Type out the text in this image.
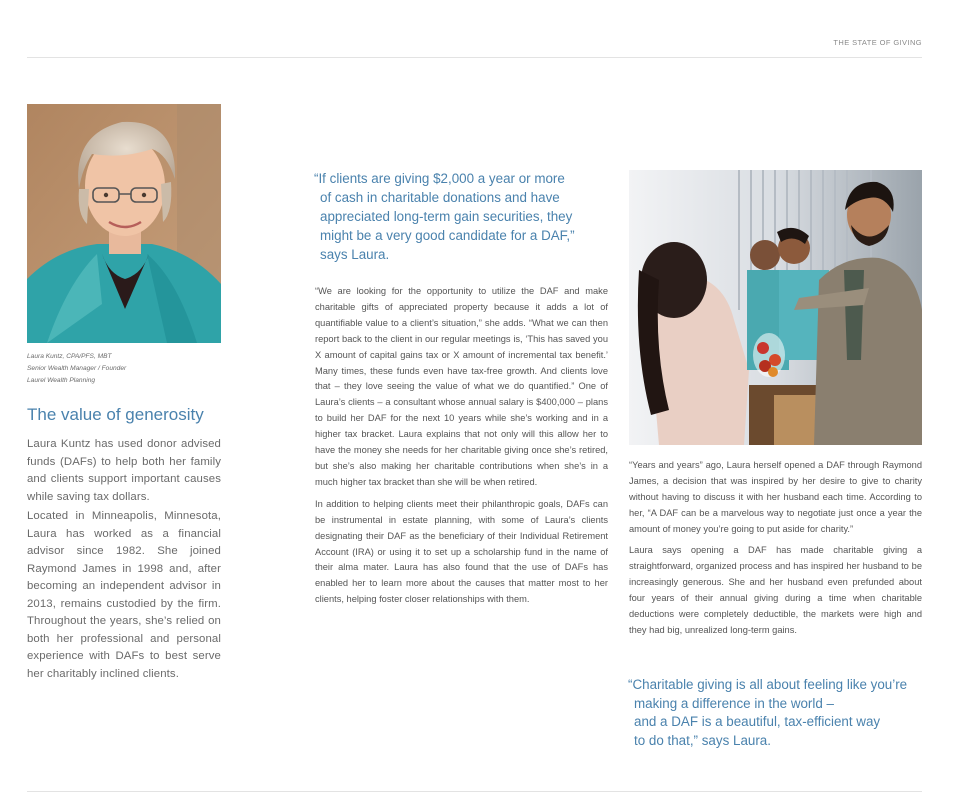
THE STATE OF GIVING
Laura Kuntz, CPA/PFS, MBT
Senior Wealth Manager / Founder
Laurel Wealth Planning
The value of generosity

Laura Kuntz has used donor advised funds (DAFs) to help both her family and clients support important causes while saving tax dollars.

Located in Minneapolis, Minnesota, Laura has worked as a financial advisor since 1982. She joined Raymond James in 1998 and, after becoming an independent advisor in 2013, remains custodied by the firm. Throughout the years, she’s relied on both her professional and personal experience with DAFs to best serve her charitably inclined clients.

“If clients are giving $2,000 a year or more
of cash in charitable donations and have
appreciated long-term gain securities, they
might be a very good candidate for a DAF,”
says Laura.

“We are looking for the opportunity to utilize the DAF and make charitable gifts of appreciated property because it adds a lot of quantifiable value to a client’s situation,” she adds. “What we can then report back to the client in our regular meetings is, ‘This has saved you X amount of capital gains tax or X amount of incremental tax benefit.’ Many times, these funds even have tax-free growth. And clients love that – they love seeing the value of what we do quantified.” One of Laura’s clients – a consultant whose annual salary is $400,000 – plans to build her DAF for the next 10 years while she’s working and in a higher tax bracket. Laura explains that not only will this allow her to have the money she needs for her charitable giving once she’s retired, but she’s also making her charitable contributions when she’s in a much higher tax bracket than she will be when retired.

In addition to helping clients meet their philanthropic goals, DAFs can be instrumental in estate planning, with some of Laura’s clients designating their DAF as the beneficiary of their Individual Retirement Account (IRA) or using it to set up a scholarship fund in the name of their alma mater. Laura has also found that the use of DAFs has enabled her to learn more about the causes that matter most to her clients, helping foster closer relationships with them.

“Years and years” ago, Laura herself opened a DAF through Raymond James, a decision that was inspired by her desire to give to charity without having to discuss it with her husband each time. According to her, “A DAF can be a marvelous way to negotiate just once a year the amount of money you’re going to put aside for charity.”

Laura says opening a DAF has made charitable giving a straightforward, organized process and has inspired her husband to be increasingly generous. She and her husband even prefunded about four years of their annual giving during a time when charitable deductions were completely deductible, the markets were high and they had big, unrealized long-term gains.

“Charitable giving is all about feeling like you’re
making a difference in the world –
and a DAF is a beautiful, tax-efficient way
to do that,” says Laura.
